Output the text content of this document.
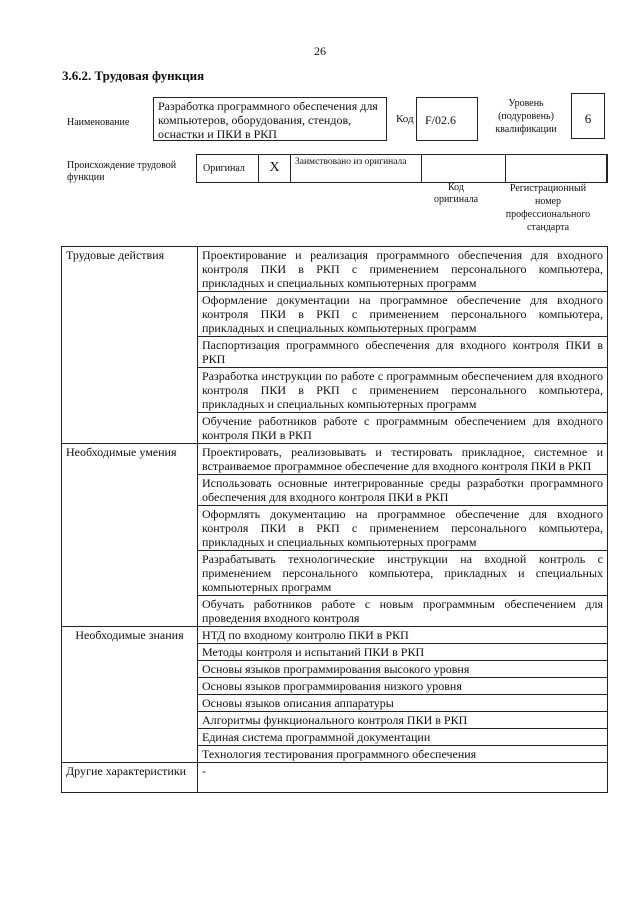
26
3.6.2. Трудовая функция
Наименование
Разработка программного обеспечения для компьютеров, оборудования, стендов, оснастки и ПКИ в РКП
Код F/02.6
Уровень (подуровень) квалификации
6
Происхождение трудовой функции
Оригинал	X	Заимствовано из оригинала
Код оригинала
Регистрационный номер профессионального стандарта
Трудовые действия	Проектирование и реализация программного обеспечения для входного контроля ПКИ в РКП с применением персонального компьютера, прикладных и специальных компьютерных программ
	Оформление документации на программное обеспечение для входного контроля ПКИ в РКП с применением персонального компьютера, прикладных и специальных компьютерных программ
	Паспортизация программного обеспечения для входного контроля ПКИ в РКП
	Разработка инструкции по работе с программным обеспечением для входного контроля ПКИ в РКП с применением персонального компьютера, прикладных и специальных компьютерных программ
	Обучение работников работе с программным обеспечением для входного контроля ПКИ в РКП
Необходимые умения	Проектировать, реализовывать и тестировать прикладное, системное и встраиваемое программное обеспечение для входного контроля ПКИ в РКП
	Использовать основные интегрированные среды разработки программного обеспечения для входного контроля ПКИ в РКП
	Оформлять документацию на программное обеспечение для входного контроля ПКИ в РКП с применением персонального компьютера, прикладных и специальных компьютерных программ
	Разрабатывать технологические инструкции на входной контроль с применением персонального компьютера, прикладных и специальных компьютерных программ
	Обучать работников работе с новым программным обеспечением для проведения входного контроля
Необходимые знания	НТД по входному контролю ПКИ в РКП
	Методы контроля и испытаний ПКИ в РКП
	Основы языков программирования высокого уровня
	Основы языков программирования низкого уровня
	Основы языков описания аппаратуры
	Алгоритмы функционального контроля ПКИ в РКП
	Единая система программной документации
	Технология тестирования программного обеспечения
Другие характеристики	-
